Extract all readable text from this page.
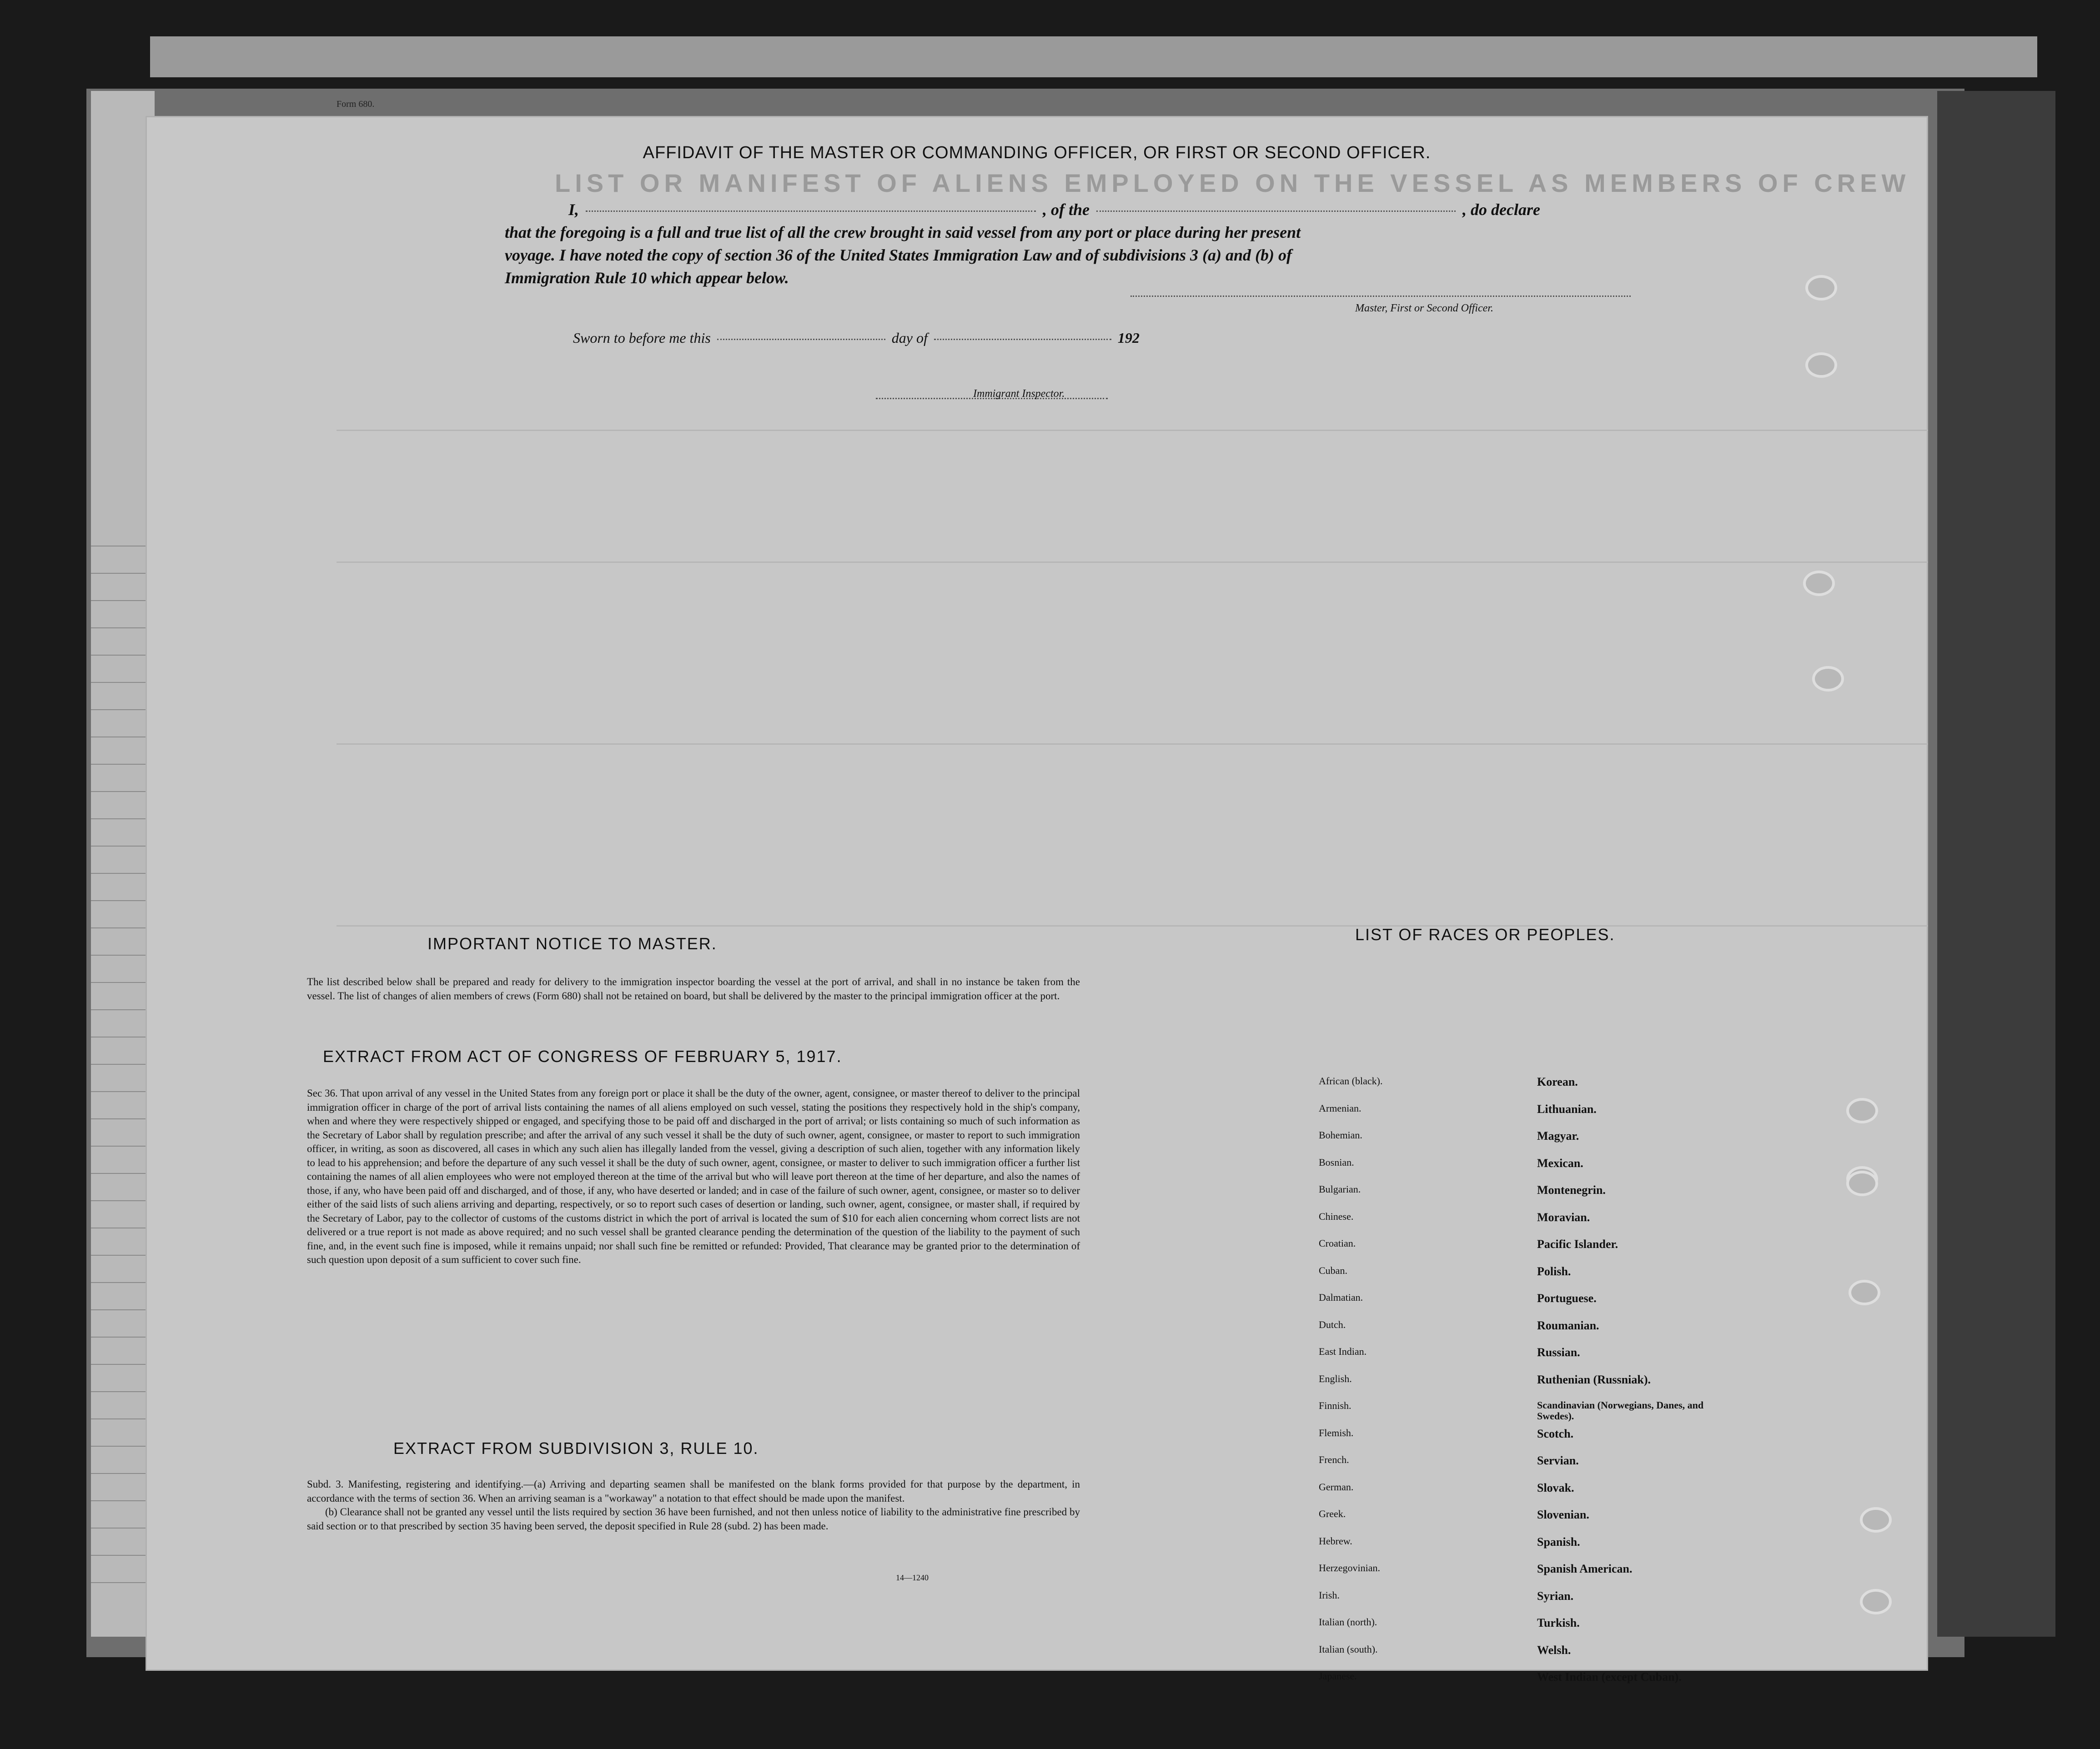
Form 680.
LIST OR MANIFEST OF ALIENS EMPLOYED ON THE VESSEL AS MEMBERS OF CREW
AFFIDAVIT OF THE MASTER OR COMMANDING OFFICER, OR FIRST OR SECOND OFFICER.
I,	, of the	, do declare
that the foregoing is a full and true list of all the crew brought in said vessel from any port or place during her present
voyage. I have noted the copy of section 36 of the United States Immigration Law and of subdivisions 3 (a) and (b) of
Immigration Rule 10 which appear below.
Master, First or Second Officer.
Sworn to before me this	day of	192
Immigrant Inspector.
IMPORTANT NOTICE TO MASTER.
The list described below shall be prepared and ready for delivery to the immigration inspector boarding the vessel at the port of arrival, and shall in no instance be taken from the vessel. The list of changes of alien members of crews (Form 680) shall not be retained on board, but shall be delivered by the master to the principal immigration officer at the port.
EXTRACT FROM ACT OF CONGRESS OF FEBRUARY 5, 1917.
Sec 36. That upon arrival of any vessel in the United States from any foreign port or place it shall be the duty of the owner, agent, consignee, or master thereof to deliver to the principal immigration officer in charge of the port of arrival lists containing the names of all aliens employed on such vessel, stating the positions they respectively hold in the ship's company, when and where they were respectively shipped or engaged, and specifying those to be paid off and discharged in the port of arrival; or lists containing so much of such information as the Secretary of Labor shall by regulation prescribe; and after the arrival of any such vessel it shall be the duty of such owner, agent, consignee, or master to report to such immigration officer, in writing, as soon as discovered, all cases in which any such alien has illegally landed from the vessel, giving a description of such alien, together with any information likely to lead to his apprehension; and before the departure of any such vessel it shall be the duty of such owner, agent, consignee, or master to deliver to such immigration officer a further list containing the names of all alien employees who were not employed thereon at the time of the arrival but who will leave port thereon at the time of her departure, and also the names of those, if any, who have been paid off and discharged, and of those, if any, who have deserted or landed; and in case of the failure of such owner, agent, consignee, or master so to deliver either of the said lists of such aliens arriving and departing, respectively, or so to report such cases of desertion or landing, such owner, agent, consignee, or master shall, if required by the Secretary of Labor, pay to the collector of customs of the customs district in which the port of arrival is located the sum of $10 for each alien concerning whom correct lists are not delivered or a true report is not made as above required; and no such vessel shall be granted clearance pending the determination of the question of the liability to the payment of such fine, and, in the event such fine is imposed, while it remains unpaid; nor shall such fine be remitted or refunded: Provided, That clearance may be granted prior to the determination of such question upon deposit of a sum sufficient to cover such fine.
EXTRACT FROM SUBDIVISION 3, RULE 10.

Subd. 3. Manifesting, registering and identifying.—(a) Arriving and departing seamen shall be manifested on the blank forms provided for that purpose by the department, in accordance with the terms of section 36. When an arriving seaman is a "workaway" a notation to that effect should be made upon the manifest.

(b) Clearance shall not be granted any vessel until the lists required by section 36 have been furnished, and not then unless notice of liability to the administrative fine prescribed by said section or to that prescribed by section 35 having been served, the deposit specified in Rule 28 (subd. 2) has been made.

14—1240
LIST OF RACES OR PEOPLES.
African (black).	Korean.
Armenian.	Lithuanian.
Bohemian.	Magyar.
Bosnian.	Mexican.
Bulgarian.	Montenegrin.
Chinese.	Moravian.
Croatian.	Pacific Islander.
Cuban.	Polish.
Dalmatian.	Portuguese.
Dutch.	Roumanian.
East Indian.	Russian.
English.	Ruthenian (Russniak).
Finnish.	Scandinavian (Norwegians, Danes, and Swedes).
Flemish.	Scotch.
French.	Servian.
German.	Slovak.
Greek.	Slovenian.
Hebrew.	Spanish.
Herzegovinian.	Spanish American.
Irish.	Syrian.
Italian (north).	Turkish.
Italian (south).	Welsh.
Japanese.	West Indian (except Cuban).
